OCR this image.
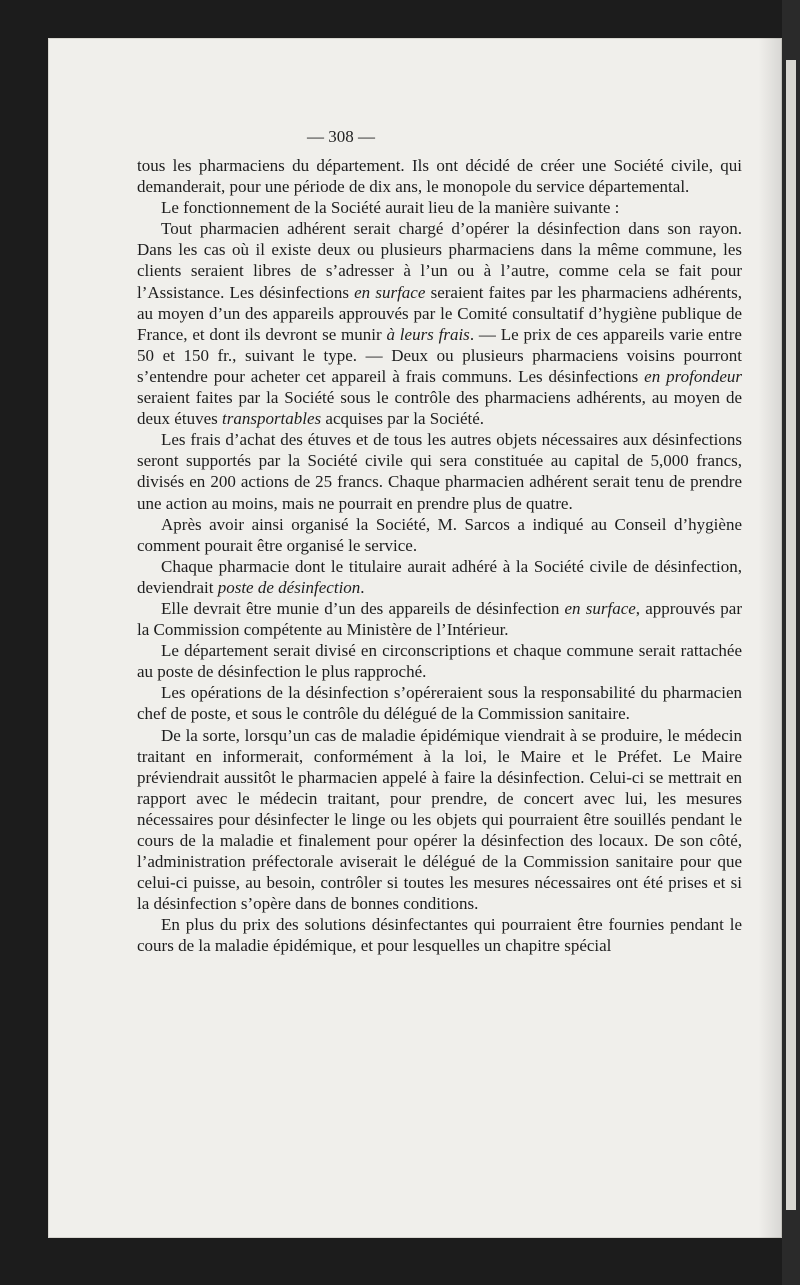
— 308 —

tous les pharmaciens du département. Ils ont décidé de créer une Société civile, qui demanderait, pour une période de dix ans, le monopole du service départemental.

Le fonctionnement de la Société aurait lieu de la manière suivante :

Tout pharmacien adhérent serait chargé d’opérer la désinfection dans son rayon. Dans les cas où il existe deux ou plusieurs pharmaciens dans la même commune, les clients seraient libres de s’adresser à l’un ou à l’autre, comme cela se fait pour l’Assistance. Les désinfections en surface seraient faites par les pharmaciens adhérents, au moyen d’un des appareils approuvés par le Comité consultatif d’hygiène publique de France, et dont ils devront se munir à leurs frais. — Le prix de ces appareils varie entre 50 et 150 fr., suivant le type. — Deux ou plusieurs pharmaciens voisins pourront s’entendre pour acheter cet appareil à frais communs. Les désinfections en profondeur seraient faites par la Société sous le contrôle des pharmaciens adhérents, au moyen de deux étuves transportables acquises par la Société.

Les frais d’achat des étuves et de tous les autres objets nécessaires aux désinfections seront supportés par la Société civile qui sera constituée au capital de 5,000 francs, divisés en 200 actions de 25 francs. Chaque pharmacien adhérent serait tenu de prendre une action au moins, mais ne pourrait en prendre plus de quatre.

Après avoir ainsi organisé la Société, M. Sarcos a indiqué au Conseil d’hygiène comment pourait être organisé le service.

Chaque pharmacie dont le titulaire aurait adhéré à la Société civile de désinfection, deviendrait poste de désinfection.

Elle devrait être munie d’un des appareils de désinfection en surface, approuvés par la Commission compétente au Ministère de l’Intérieur.

Le département serait divisé en circonscriptions et chaque commune serait rattachée au poste de désinfection le plus rapproché.

Les opérations de la désinfection s’opéreraient sous la responsabilité du pharmacien chef de poste, et sous le contrôle du délégué de la Commission sanitaire.

De la sorte, lorsqu’un cas de maladie épidémique viendrait à se produire, le médecin traitant en informerait, conformément à la loi, le Maire et le Préfet. Le Maire préviendrait aussitôt le pharmacien appelé à faire la désinfection. Celui-ci se mettrait en rapport avec le médecin traitant, pour prendre, de concert avec lui, les mesures nécessaires pour désinfecter le linge ou les objets qui pourraient être souillés pendant le cours de la maladie et finalement pour opérer la désinfection des locaux. De son côté, l’administration préfectorale aviserait le délégué de la Commission sanitaire pour que celui-ci puisse, au besoin, contrôler si toutes les mesures nécessaires ont été prises et si la désinfection s’opère dans de bonnes conditions.

En plus du prix des solutions désinfectantes qui pourraient être fournies pendant le cours de la maladie épidémique, et pour lesquelles un chapitre spécial
